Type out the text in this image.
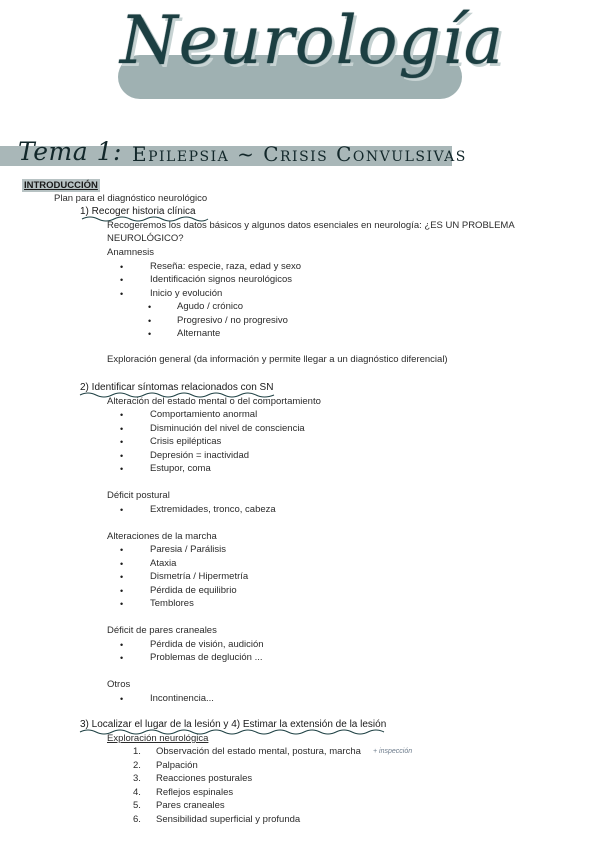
Neurología
Tema 1: Epilepsia ~ Crisis Convulsivas
INTRODUCCIÓN
Plan para el diagnóstico neurológico
1) Recoger historia clínica
Recogeremos los datos básicos y algunos datos esenciales en neurología: ¿ES UN PROBLEMA
NEUROLÓGICO?
Anamnesis
•	Reseña: especie, raza, edad y sexo
•	Identificación signos neurológicos
•	Inicio y evolución
•	Agudo / crónico
•	Progresivo / no progresivo
•	Alternante
Exploración general (da información y permite llegar a un diagnóstico diferencial)
2) Identificar síntomas relacionados con SN
Alteración del estado mental o del comportamiento
•	Comportamiento anormal
•	Disminución del nivel de consciencia
•	Crisis epilépticas
•	Depresión = inactividad
•	Estupor, coma
Déficit postural
•	Extremidades, tronco, cabeza
Alteraciones de la marcha
•	Paresia / Parálisis
•	Ataxia
•	Dismetría / Hipermetría
•	Pérdida de equilibrio
•	Temblores
Déficit de pares craneales
•	Pérdida de visión, audición
•	Problemas de deglución ...
Otros
•	Incontinencia...
3) Localizar el lugar de la lesión y 4) Estimar la extensión de la lesión
Exploración neurológica
1. Observación del estado mental, postura, marcha + inspección
2. Palpación
3. Reacciones posturales
4. Reflejos espinales
5. Pares craneales
6. Sensibilidad superficial y profunda
